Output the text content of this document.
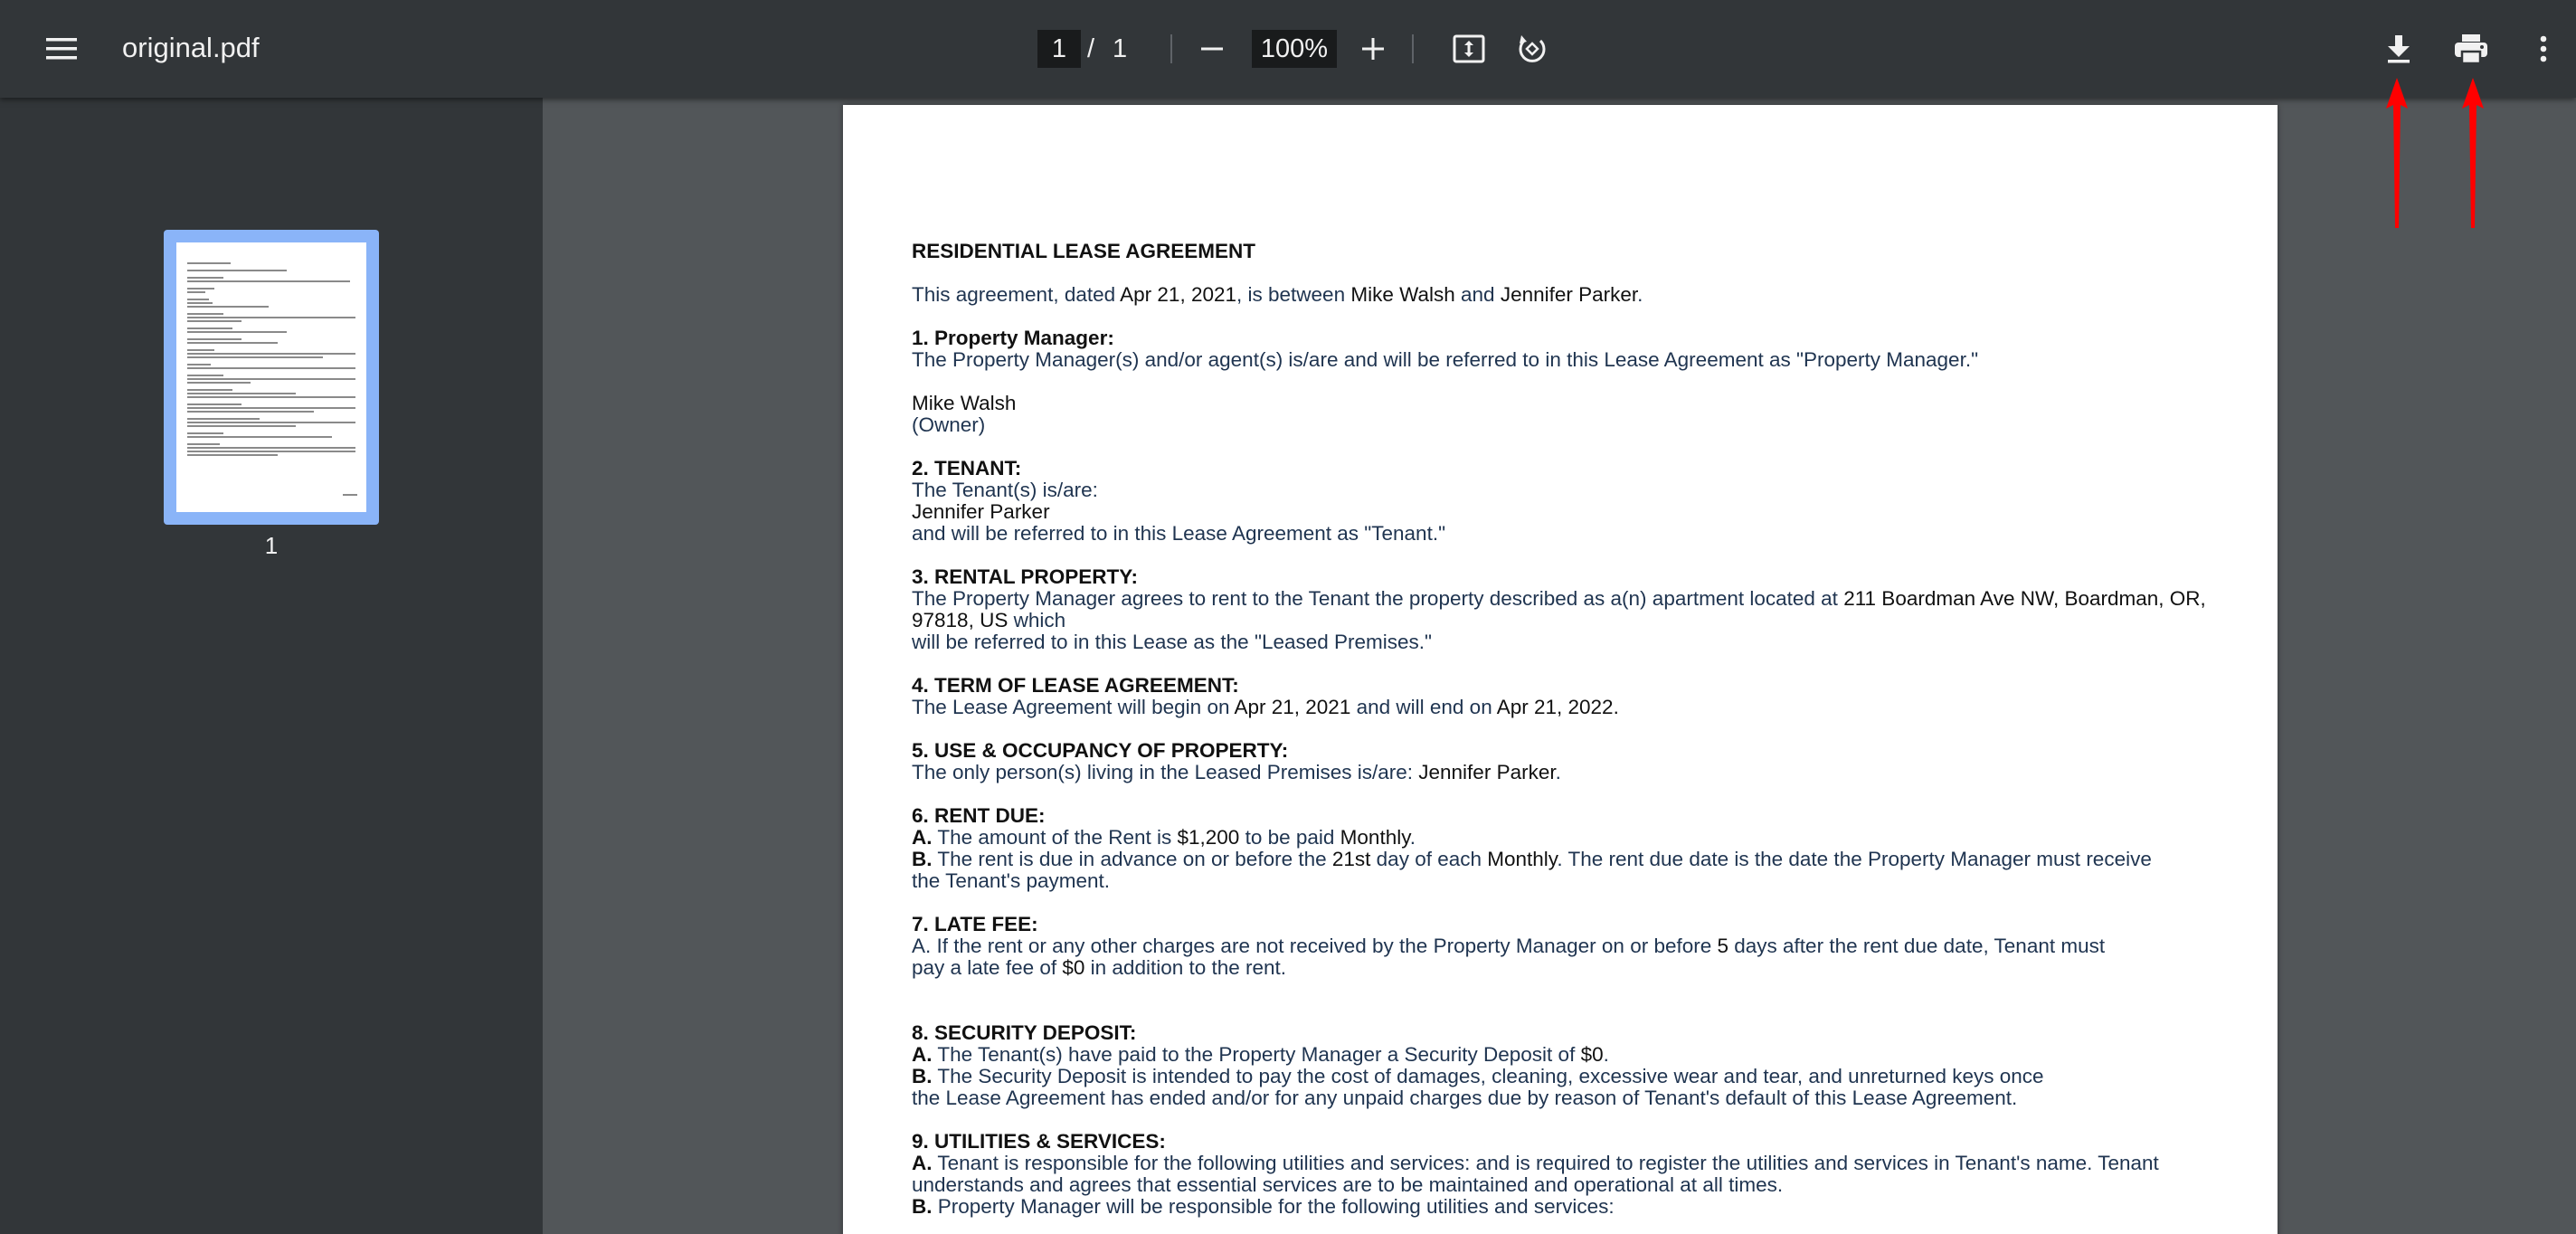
original.pdf	1 / 1	100%
1

RESIDENTIAL LEASE AGREEMENT

This agreement, dated Apr 21, 2021, is between Mike Walsh and Jennifer Parker.

1. Property Manager:

The Property Manager(s) and/or agent(s) is/are and will be referred to in this Lease Agreement as "Property Manager."

Mike Walsh

(Owner)

2. TENANT:

The Tenant(s) is/are:

Jennifer Parker

and will be referred to in this Lease Agreement as "Tenant."

3. RENTAL PROPERTY:

The Property Manager agrees to rent to the Tenant the property described as a(n) apartment located at 211 Boardman Ave NW, Boardman, OR,

97818, US which

will be referred to in this Lease as the "Leased Premises."

4. TERM OF LEASE AGREEMENT:

The Lease Agreement will begin on Apr 21, 2021 and will end on Apr 21, 2022.

5. USE & OCCUPANCY OF PROPERTY:

The only person(s) living in the Leased Premises is/are: Jennifer Parker.

6. RENT DUE:

A. The amount of the Rent is $1,200 to be paid Monthly.

B. The rent is due in advance on or before the 21st day of each Monthly. The rent due date is the date the Property Manager must receive

the Tenant's payment.

7. LATE FEE:

A. If the rent or any other charges are not received by the Property Manager on or before 5 days after the rent due date, Tenant must

pay a late fee of $0 in addition to the rent.

8. SECURITY DEPOSIT:

A. The Tenant(s) have paid to the Property Manager a Security Deposit of $0.

B. The Security Deposit is intended to pay the cost of damages, cleaning, excessive wear and tear, and unreturned keys once

the Lease Agreement has ended and/or for any unpaid charges due by reason of Tenant's default of this Lease Agreement.

9. UTILITIES & SERVICES:

A. Tenant is responsible for the following utilities and services: and is required to register the utilities and services in Tenant's name. Tenant

understands and agrees that essential services are to be maintained and operational at all times.

B. Property Manager will be responsible for the following utilities and services:
